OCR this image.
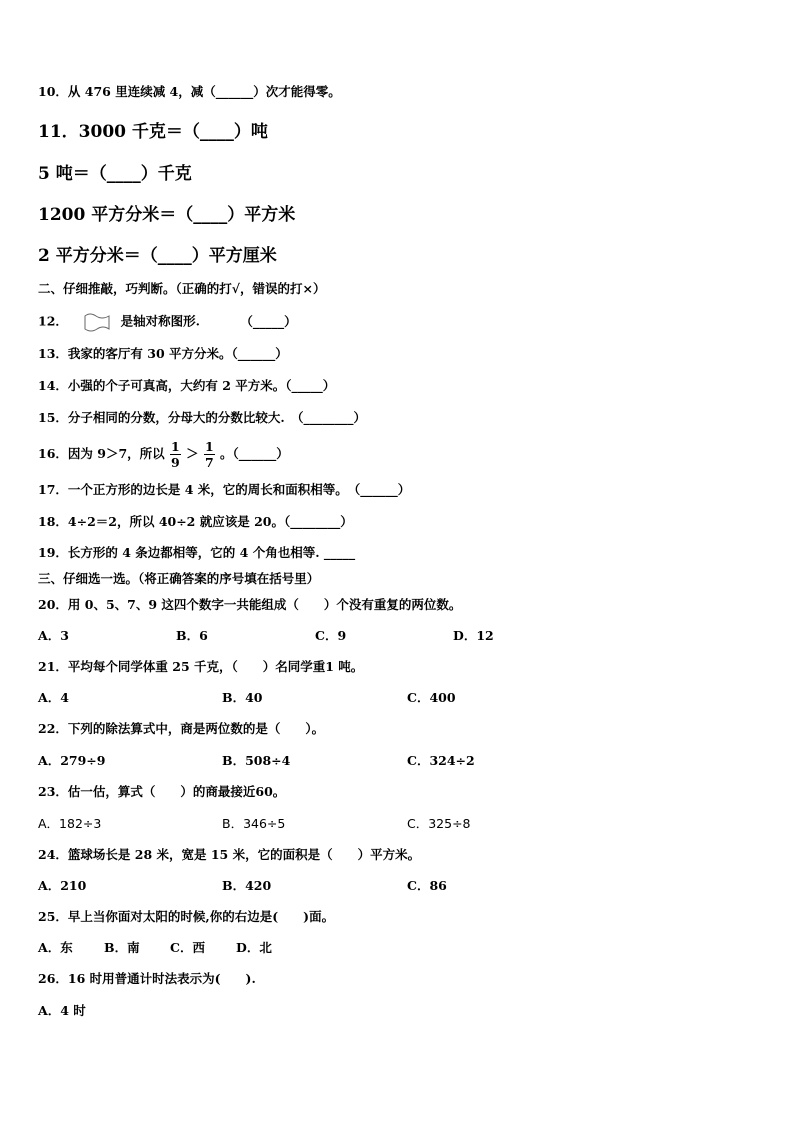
10．从 476 里连续减 4，减（______）次才能得零。
11．3000 千克＝（____）吨
5 吨＝（____）千克
1200 平方分米＝（____）平方米
2 平方分米＝（____）平方厘米
二、仔细推敲，巧判断。（正确的打√，错误的打×）
12．	是轴对称图形.	（_____）
13．我家的客厅有 30 平方分米。（______）
14．小强的个子可真高，大约有 2 平方米。（_____）
15．分子相同的分数，分母大的分数比较大.　（________）
16．因为 9＞7，所以 $\frac{1}{9} > \frac{1}{7}$ 。（______）
17．一个正方形的边长是 4 米，它的周长和面积相等。　（______）
18．4÷2＝2，所以 40÷2 就应该是 20。（________）
19．长方形的 4 条边都相等，它的 4 个角也相等. _____
三、仔细选一选。（将正确答案的序号填在括号里）
20．用 0、5、7、9 这四个数字一共能组成（　　）个没有重复的两位数。
A．3	B．6	C．9	D．12
21．平均每个同学体重 25 千克，（　　）名同学重1 吨。
A．4	B．40	C．400
22．下列的除法算式中，商是两位数的是（　　）。
A．279÷9	B．508÷4	C．324÷2
23．估一估，算式（　　）的商最接近60。
A．182÷3	B．346÷5	C．325÷8
24．篮球场长是 28 米，宽是 15 米，它的面积是（　　）平方米。
A．210	B．420	C．86
25．早上当你面对太阳的时候,你的右边是(　　)面。
A．东	B．南 C．西 D．北
26．16 时用普通计时法表示为(　　).
A．4 时
